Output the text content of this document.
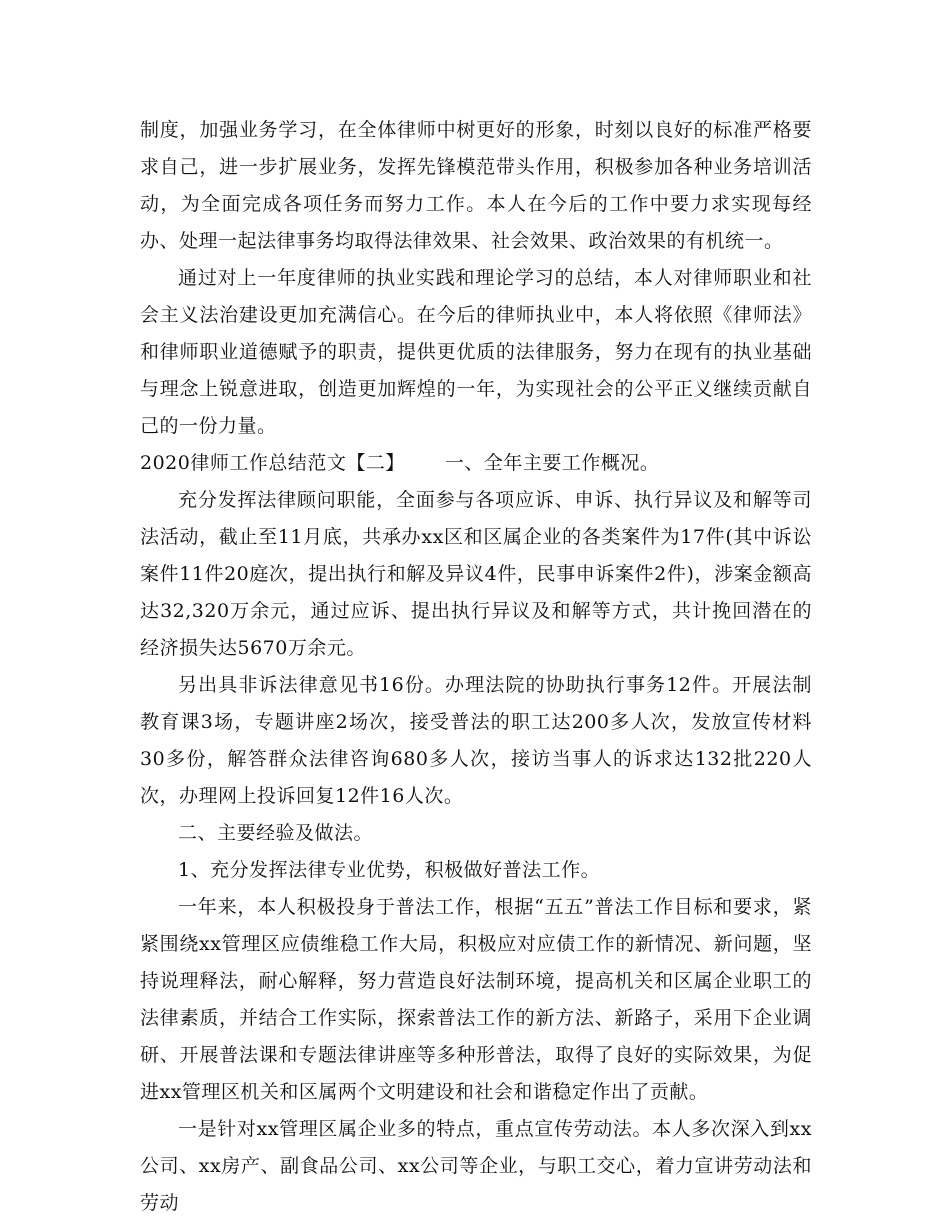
制度，加强业务学习，在全体律师中树更好的形象，时刻以良好的标准严格要求自己，进一步扩展业务，发挥先锋模范带头作用，积极参加各种业务培训活动，为全面完成各项任务而努力工作。本人在今后的工作中要力求实现每经办、处理一起法律事务均取得法律效果、社会效果、政治效果的有机统一。

通过对上一年度律师的执业实践和理论学习的总结，本人对律师职业和社会主义法治建设更加充满信心。在今后的律师执业中，本人将依照《律师法》和律师职业道德赋予的职责，提供更优质的法律服务，努力在现有的执业基础与理念上锐意进取，创造更加辉煌的一年，为实现社会的公平正义继续贡献自己的一份力量。

2020律师工作总结范文【二】 一、全年主要工作概况。

充分发挥法律顾问职能，全面参与各项应诉、申诉、执行异议及和解等司法活动，截止至11月底，共承办xx区和区属企业的各类案件为17件(其中诉讼案件11件20庭次，提出执行和解及异议4件，民事申诉案件2件)，涉案金额高达32,320万余元，通过应诉、提出执行异议及和解等方式，共计挽回潜在的经济损失达5670万余元。

另出具非诉法律意见书16份。办理法院的协助执行事务12件。开展法制教育课3场，专题讲座2场次，接受普法的职工达200多人次，发放宣传材料30多份，解答群众法律咨询680多人次，接访当事人的诉求达132批220人次，办理网上投诉回复12件16人次。

二、主要经验及做法。

1、充分发挥法律专业优势，积极做好普法工作。

一年来，本人积极投身于普法工作，根据“五五”普法工作目标和要求，紧紧围绕xx管理区应债维稳工作大局，积极应对应债工作的新情况、新问题，坚持说理释法，耐心解释，努力营造良好法制环境，提高机关和区属企业职工的法律素质，并结合工作实际，探索普法工作的新方法、新路子，采用下企业调研、开展普法课和专题法律讲座等多种形普法，取得了良好的实际效果，为促进xx管理区机关和区属两个文明建设和社会和谐稳定作出了贡献。

一是针对xx管理区属企业多的特点，重点宣传劳动法。本人多次深入到xx公司、xx房产、副食品公司、xx公司等企业，与职工交心，着力宣讲劳动法和劳动
